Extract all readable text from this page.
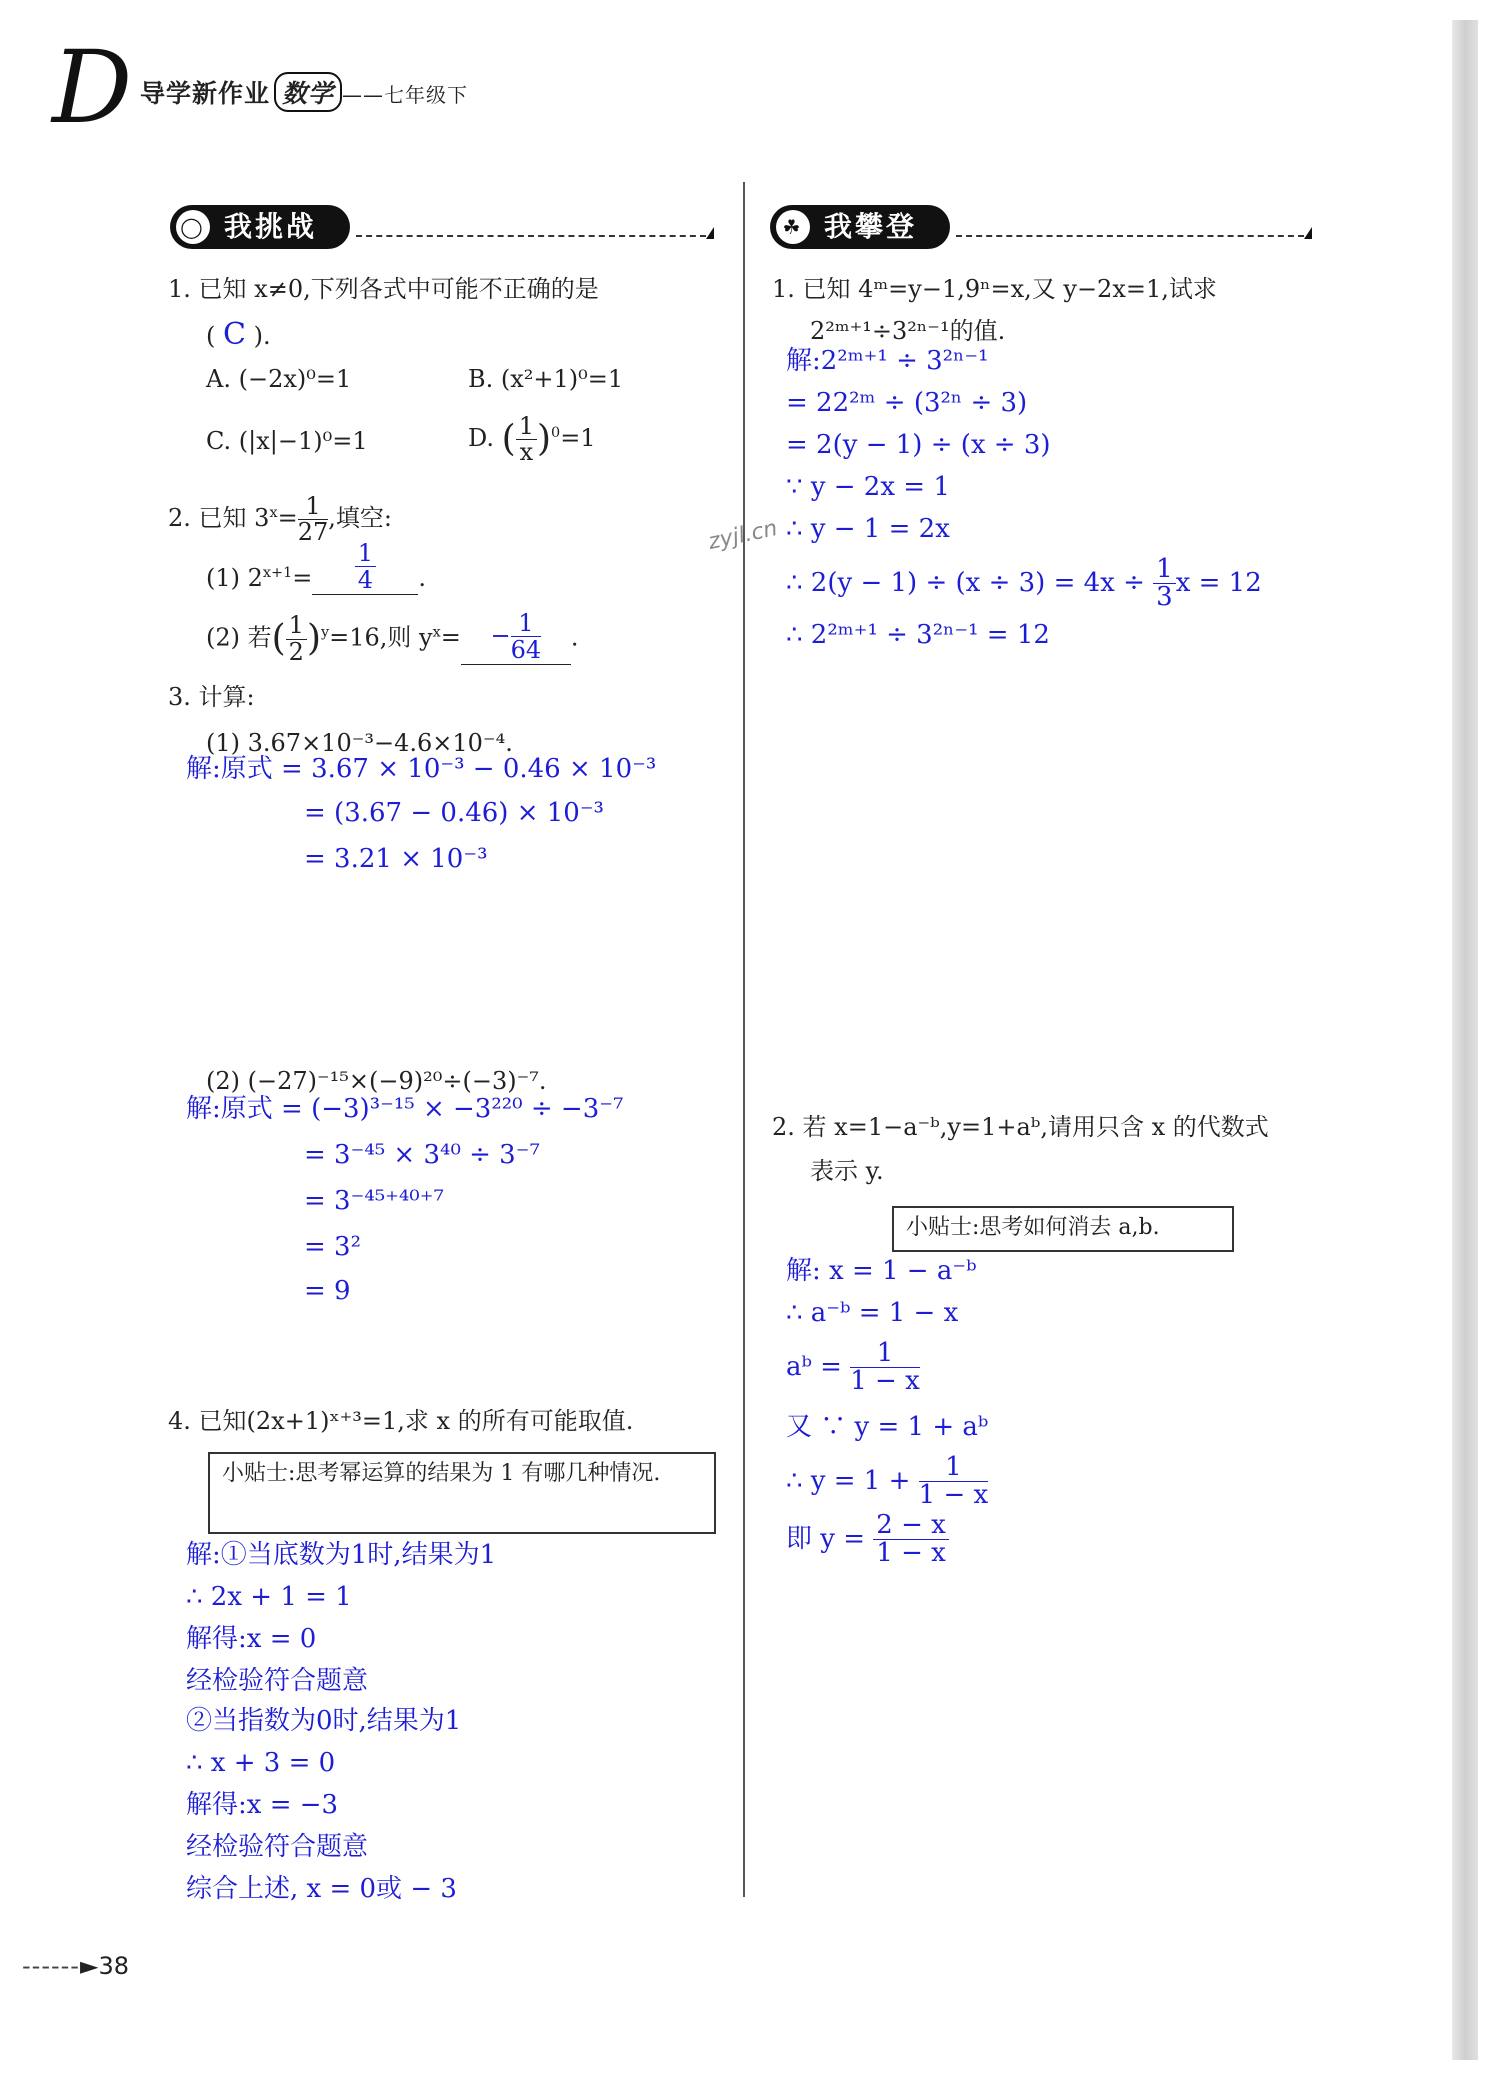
D 导学新作业 数学 ——七年级下
zyjl.cn
◯ 我挑战	☘ 我攀登
1. 已知 x≠0,下列各式中可能不正确的是
( C ).
A. (−2x)⁰=1	B. (x²+1)⁰=1
C. (|x|−1)⁰=1	D. ( $\frac{1}{x} )^0=1$
2. 已知 $3^x= \frac{1}{27}$ ,填空:
(1) $2^{x+1}= \frac{1}{4}$ .
(2) 若( $\frac{1}{2} )^y=16$,则 $y^x= - \frac{1}{64}$ .
3. 计算:
(1) 3.67×10⁻³−4.6×10⁻⁴.
解:原式 = 3.67 × 10⁻³ − 0.46 × 10⁻³
= (3.67 − 0.46) × 10⁻³
= 3.21 × 10⁻³
(2) (−27)⁻¹⁵×(−9)²⁰÷(−3)⁻⁷.
解:原式 = (−3)³⁻¹⁵ × −3²²⁰ ÷ −3⁻⁷
= 3⁻⁴⁵ × 3⁴⁰ ÷ 3⁻⁷
= 3⁻⁴⁵⁺⁴⁰⁺⁷
= 3²
= 9
4. 已知(2x+1)ˣ⁺³=1,求 x 的所有可能取值.
小贴士:思考幂运算的结果为 1 有哪几种情况.
解:①当底数为1时,结果为1
∴ 2x + 1 = 1
解得:x = 0
经检验符合题意
②当指数为0时,结果为1
∴ x + 3 = 0
解得:x = −3
经检验符合题意
综合上述, x = 0或 − 3
1. 已知 4ᵐ=y−1,9ⁿ=x,又 y−2x=1,试求
2²ᵐ⁺¹÷3²ⁿ⁻¹的值.
解:2²ᵐ⁺¹ ÷ 3²ⁿ⁻¹
= 22²ᵐ ÷ (3²ⁿ ÷ 3)
= 2(y − 1) ÷ (x ÷ 3)
∵ y − 2x = 1
∴ y − 1 = 2x
∴ $2(y - 1) \div (x \div 3) = 4x \div \frac{1}{3}$ x = 12
∴ 2²ᵐ⁺¹ ÷ 3²ⁿ⁻¹ = 12
2. 若 x=1−a⁻ᵇ,y=1+aᵇ,请用只含 x 的代数式
表示 y.
小贴士:思考如何消去 a,b.
解: x = 1 − a⁻ᵇ
∴ a⁻ᵇ = 1 − x
aᵇ = $\frac{1}{1 - x}$
又 ∵ y = 1 + aᵇ
∴ $y = 1 + \frac{1}{1 - x}$
即 $y = \frac{2 - x}{1 - x}$
------►38
